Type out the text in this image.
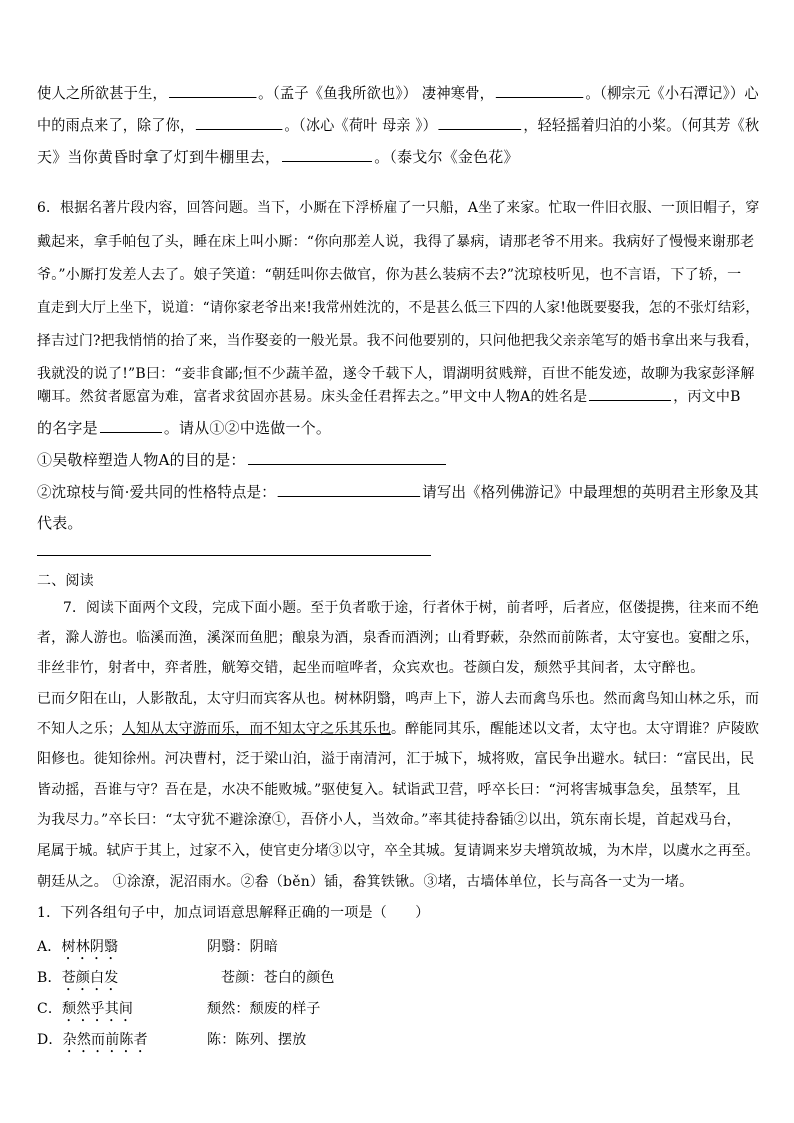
使人之所欲甚于生，	。（孟子《鱼我所欲也》） 凄神寒骨，	。（柳宗元《小石潭记》）心
中的雨点来了，除了你，	。（冰心《荷叶 母亲 》）	，轻轻摇着归泊的小桨。（何其芳《秋
天》当你黄昏时拿了灯到牛棚里去，	。（泰戈尔《金色花》
6．根据名著片段内容，回答问题。当下，小厮在下浮桥雇了一只船，A坐了来家。忙取一件旧衣服、一顶旧帽子，穿
戴起来，拿手帕包了头，睡在床上叫小厮：“你向那差人说，我得了暴病，请那老爷不用来。我病好了慢慢来谢那老
爷。”小厮打发差人去了。娘子笑道：“朝廷叫你去做官，你为甚么装病不去?”沈琼枝听见，也不言语，下了轿，一
直走到大厅上坐下，说道：“请你家老爷出来!我常州姓沈的，不是甚么低三下四的人家!他既要娶我，怎的不张灯结彩，
择吉过门?把我悄悄的抬了来，当作娶妾的一般光景。我不问他要别的，只问他把我父亲亲笔写的婚书拿出来与我看，
我就没的说了!”B曰：“妾非食鄙;恒不少蔬羊盈，遂令千载下人，谓湖明贫贱辩，百世不能发迹，故聊为我家彭泽解
嘲耳。然贫者愿富为难，富者求贫固亦甚易。床头金任君挥去之。”甲文中人物A的姓名是	，丙文中B
的名字是	。请从①②中选做一个。
①吴敬梓塑造人物A的目的是：
②沈琼枝与简·爱共同的性格特点是：	请写出《格列佛游记》中最理想的英明君主形象及其
代表。
二、阅读
7．阅读下面两个文段，完成下面小题。至于负者歌于途，行者休于树，前者呼，后者应，伛偻提携，往来而不绝
者，滁人游也。临溪而渔，溪深而鱼肥；酿泉为酒，泉香而酒洌；山肴野蔌，杂然而前陈者，太守宴也。宴酣之乐，
非丝非竹，射者中，弈者胜，觥筹交错，起坐而喧哗者，众宾欢也。苍颜白发，颓然乎其间者，太守醉也。
已而夕阳在山，人影散乱，太守归而宾客从也。树林阴翳，鸣声上下，游人去而禽鸟乐也。然而禽鸟知山林之乐，而
不知人之乐；人知从太守游而乐，而不知太守之乐其乐也。醉能同其乐，醒能述以文者，太守也。太守谓谁？庐陵欧
阳修也。徙知徐州。河决曹村，泛于梁山泊，溢于南清河，汇于城下，城将败，富民争出避水。轼曰：“富民出，民
皆动摇，吾谁与守？吾在是，水决不能败城。”驱使复入。轼诣武卫营，呼卒长曰：“河将害城事急矣，虽禁军，且
为我尽力。”卒长曰：“太守犹不避涂潦①，吾侪小人，当效命。”率其徒持畚锸②以出，筑东南长堤，首起戏马台，
尾属于城。轼庐于其上，过家不入，使官吏分堵③以守，卒全其城。复请调来岁夫增筑故城，为木岸，以虞水之再至。
朝廷从之。 ①涂潦，泥沼雨水。②畚（běn）锸，畚箕铁锹。③堵，古墙体单位，长与高各一丈为一堵。
1．下列各组句子中，加点词语意思解释正确的一项是（　　）
A．树林阴翳	阴翳：阴暗
B．苍颜白发	苍颜：苍白的颜色
C．颓然乎其间	颓然：颓废的样子
D．杂然而前陈者	陈：陈列、摆放
